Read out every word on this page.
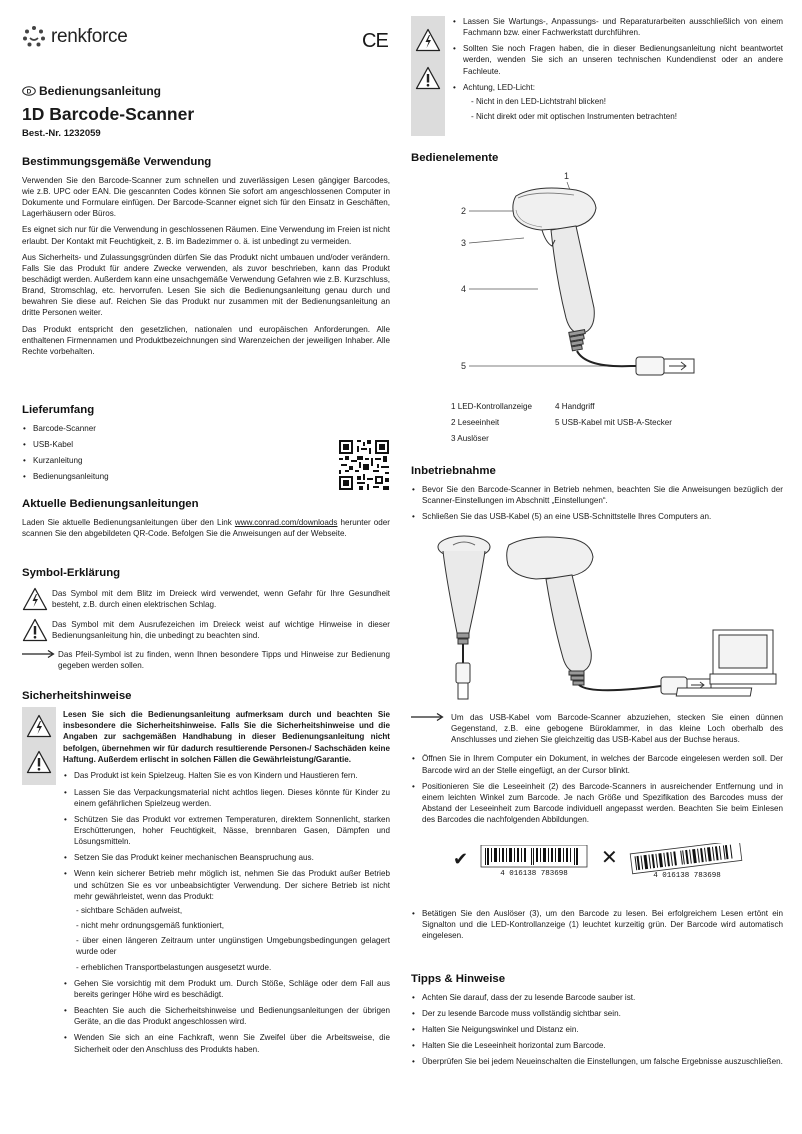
renkforce	CE
D Bedienungsanleitung
1D Barcode-Scanner
Best.-Nr. 1232059
Bestimmungsgemäße Verwendung

Verwenden Sie den Barcode-Scanner zum schnellen und zuverlässigen Lesen gängiger Barcodes, wie z.B. UPC oder EAN. Die gescannten Codes können Sie sofort am angeschlossenen Computer in Dokumente und Formulare einfügen. Der Barcode-Scanner eignet sich für den Einsatz in Geschäften, Lagerhäusern oder Büros.

Es eignet sich nur für die Verwendung in geschlossenen Räumen. Eine Verwendung im Freien ist nicht erlaubt. Der Kontakt mit Feuchtigkeit, z. B. im Badezimmer o. ä. ist unbedingt zu vermeiden.

Aus Sicherheits- und Zulassungsgründen dürfen Sie das Produkt nicht umbauen und/oder verändern. Falls Sie das Produkt für andere Zwecke verwenden, als zuvor beschrieben, kann das Produkt beschädigt werden. Außerdem kann eine unsachgemäße Verwendung Gefahren wie z.B. Kurzschluss, Brand, Stromschlag, etc. hervorrufen. Lesen Sie sich die Bedienungsanleitung genau durch und bewahren Sie diese auf. Reichen Sie das Produkt nur zusammen mit der Bedienungsanleitung an dritte Personen weiter.

Das Produkt entspricht den gesetzlichen, nationalen und europäischen Anforderungen. Alle enthaltenen Firmennamen und Produktbezeichnungen sind Warenzeichen der jeweiligen Inhaber. Alle Rechte vorbehalten.

Lieferumfang
• Barcode-Scanner
• USB-Kabel
• Kurzanleitung
• Bedienungsanleitung
Aktuelle Bedienungsanleitungen

Laden Sie aktuelle Bedienungsanleitungen über den Link www.conrad.com/downloads herunter oder scannen Sie den abgebildeten QR-Code. Befolgen Sie die Anweisungen auf der Webseite.

Symbol-Erklärung

Das Symbol mit dem Blitz im Dreieck wird verwendet, wenn Gefahr für Ihre Gesundheit besteht, z.B. durch einen elektrischen Schlag.

Das Symbol mit dem Ausrufezeichen im Dreieck weist auf wichtige Hinweise in dieser Bedienungsanleitung hin, die unbedingt zu beachten sind.

Das Pfeil-Symbol ist zu finden, wenn Ihnen besondere Tipps und Hinweise zur Bedienung gegeben werden sollen.

Sicherheitshinweise

Lesen Sie sich die Bedienungsanleitung aufmerksam durch und beachten Sie insbesondere die Sicherheitshinweise. Falls Sie die Sicherheitshinweise und die Angaben zur sachgemäßen Handhabung in dieser Bedienungsanleitung nicht befolgen, übernehmen wir für dadurch resultierende Personen-/ Sachschäden keine Haftung. Außerdem erlischt in solchen Fällen die Gewährleistung/Garantie.

• Das Produkt ist kein Spielzeug. Halten Sie es von Kindern und Haustieren fern.
• Lassen Sie das Verpackungsmaterial nicht achtlos liegen. Dieses könnte für Kinder zu einem gefährlichen Spielzeug werden.
• Schützen Sie das Produkt vor extremen Temperaturen, direktem Sonnenlicht, starken Erschütterungen, hoher Feuchtigkeit, Nässe, brennbaren Gasen, Dämpfen und Lösungsmitteln.
• Setzen Sie das Produkt keiner mechanischen Beanspruchung aus.
• Wenn kein sicherer Betrieb mehr möglich ist, nehmen Sie das Produkt außer Betrieb und schützen Sie es vor unbeabsichtigter Verwendung. Der sichere Betrieb ist nicht mehr gewährleistet, wenn das Produkt:
- sichtbare Schäden aufweist,
- nicht mehr ordnungsgemäß funktioniert,
- über einen längeren Zeitraum unter ungünstigen Umgebungsbedingungen gelagert wurde oder
- erheblichen Transportbelastungen ausgesetzt wurde.
• Gehen Sie vorsichtig mit dem Produkt um. Durch Stöße, Schläge oder dem Fall aus bereits geringer Höhe wird es beschädigt.
• Beachten Sie auch die Sicherheitshinweise und Bedienungsanleitungen der übrigen Geräte, an die das Produkt angeschlossen wird.
• Wenden Sie sich an eine Fachkraft, wenn Sie Zweifel über die Arbeitsweise, die Sicherheit oder den Anschluss des Produkts haben.
• Lassen Sie Wartungs-, Anpassungs- und Reparaturarbeiten ausschließlich von einem Fachmann bzw. einer Fachwerkstatt durchführen.
• Sollten Sie noch Fragen haben, die in dieser Bedienungsanleitung nicht beantwortet werden, wenden Sie sich an unseren technischen Kundendienst oder an andere Fachleute.
• Achtung, LED-Licht:
- Nicht in den LED-Lichtstrahl blicken!
- Nicht direkt oder mit optischen Instrumenten betrachten!
Bedienelemente
1
2
3
4
5
1 LED-Kontrollanzeige	4 Handgriff
2 Leseeinheit	5 USB-Kabel mit USB-A-Stecker
3 Auslöser
Inbetriebnahme
• Bevor Sie den Barcode-Scanner in Betrieb nehmen, beachten Sie die Anweisungen bezüglich der Scanner-Einstellungen im Abschnitt „Einstellungen“.
• Schließen Sie das USB-Kabel (5) an eine USB-Schnittstelle Ihres Computers an.

Um das USB-Kabel vom Barcode-Scanner abzuziehen, stecken Sie einen dünnen Gegenstand, z.B. eine gebogene Büroklammer, in das kleine Loch oberhalb des Anschlusses und ziehen Sie gleichzeitig das USB-Kabel aus der Buchse heraus.

• Öffnen Sie in Ihrem Computer ein Dokument, in welches der Barcode eingelesen werden soll. Der Barcode wird an der Stelle eingefügt, an der Cursor blinkt.
• Positionieren Sie die Leseeinheit (2) des Barcode-Scanners in ausreichender Entfernung und in einem leichten Winkel zum Barcode. Je nach Größe und Spezifikation des Barcodes muss der Abstand der Leseeinheit zum Barcode individuell angepasst werden. Beachten Sie beim Einlesen des Barcodes die nachfolgenden Abbildungen.
✔
4 016138 783698
✕
4 016138 783698
• Betätigen Sie den Auslöser (3), um den Barcode zu lesen. Bei erfolgreichem Lesen ertönt ein Signalton und die LED-Kontrollanzeige (1) leuchtet kurzeitig grün. Der Barcode wird automatisch eingelesen.
Tipps & Hinweise
• Achten Sie darauf, dass der zu lesende Barcode sauber ist.
• Der zu lesende Barcode muss vollständig sichtbar sein.
• Halten Sie Neigungswinkel und Distanz ein.
• Halten Sie die Leseeinheit horizontal zum Barcode.
• Überprüfen Sie bei jedem Neueinschalten die Einstellungen, um falsche Ergebnisse auszuschließen.
